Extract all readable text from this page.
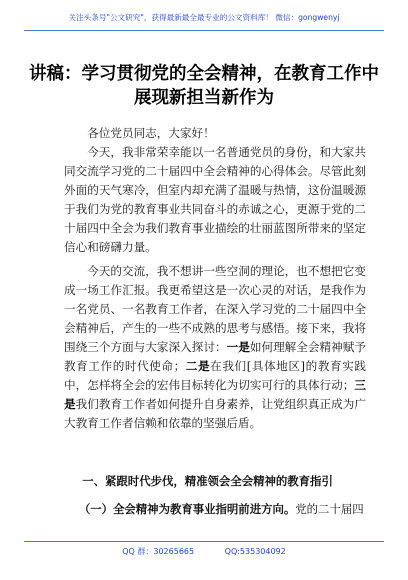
关注头条号"公文研究"，获得最新最全最专业的公文资料库！ 微信：gongwenyj
讲稿：学习贯彻党的全会精神，在教育工作中展现新担当新作为

各位党员同志，大家好！

今天，我非常荣幸能以一名普通党员的身份，和大家共同交流学习党的二十届四中全会精神的心得体会。尽管此刻外面的天气寒冷，但室内却充满了温暖与热情，这份温暖源于我们为党的教育事业共同奋斗的赤诚之心，更源于党的二十届四中全会为我们教育事业描绘的壮丽蓝图所带来的坚定信心和磅礴力量。

今天的交流，我不想讲一些空洞的理论，也不想把它变成一场工作汇报。我更希望这是一次心灵的对话，是我作为一名党员、一名教育工作者，在深入学习党的二十届四中全会精神后，产生的一些不成熟的思考与感悟。接下来，我将围绕三个方面与大家深入探讨：一是如何理解全会精神赋予教育工作的时代使命；二是在我们[具体地区]的教育实践中，怎样将全会的宏伟目标转化为切实可行的具体行动；三是我们教育工作者如何提升自身素养，让党组织真正成为广大教育工作者信赖和依靠的坚强后盾。

一、紧跟时代步伐，精准领会全会精神的教育指引
（一）全会精神为教育事业指明前进方向。党的二十届四
QQ 群：30265665	QQ:535304092
